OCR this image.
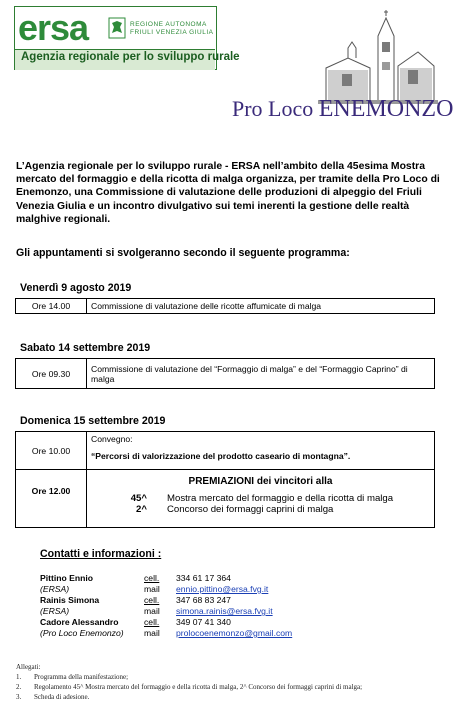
ersa	REGIONE AUTONOMA
FRIULI VENEZIA GIULIA
Agenzia regionale per lo sviluppo rurale
Pro Loco ENEMONZO
L’Agenzia regionale per lo sviluppo rurale - ERSA nell’ambito della 45esima Mostra mercato del formaggio e della ricotta di malga organizza, per tramite della Pro Loco di Enemonzo, una Commissione di valutazione delle produzioni di alpeggio del Friuli Venezia Giulia e un incontro divulgativo sui temi inerenti la gestione delle realtà malghive regionali.
Gli appuntamenti si svolgeranno secondo il seguente programma:
Venerdì 9 agosto 2019
Ore 14.00	Commissione di valutazione delle ricotte affumicate di malga
Sabato 14 settembre 2019
Ore 09.30	Commissione di valutazione del “Formaggio di malga” e del “Formaggio Caprino” di malga
Domenica 15 settembre 2019
Ore 10.00	Convegno:
“Percorsi di valorizzazione del prodotto caseario di montagna”.

Ore 12.00	PREMIAZIONI dei vincitori alla
45^ Mostra mercato del formaggio e della ricotta di malga
2^ Concorso dei formaggi caprini di malga
Contatti e informazioni :
Pittino Ennio	cell. 334 61 17 364
(ERSA)	mail ennio.pittino@ersa.fvg.it
Rainis Simona	cell. 347 68 83 247
(ERSA)	mail simona.rainis@ersa.fvg.it
Cadore Alessandro	cell. 349 07 41 340
(Pro Loco Enemonzo) mail prolocoenemonzo@gmail.com
Allegati:
1. Programma della manifestazione;
2. Regolamento 45^ Mostra mercato del formaggio e della ricotta di malga, 2^ Concorso dei formaggi caprini di malga;
3. Scheda di adesione.
